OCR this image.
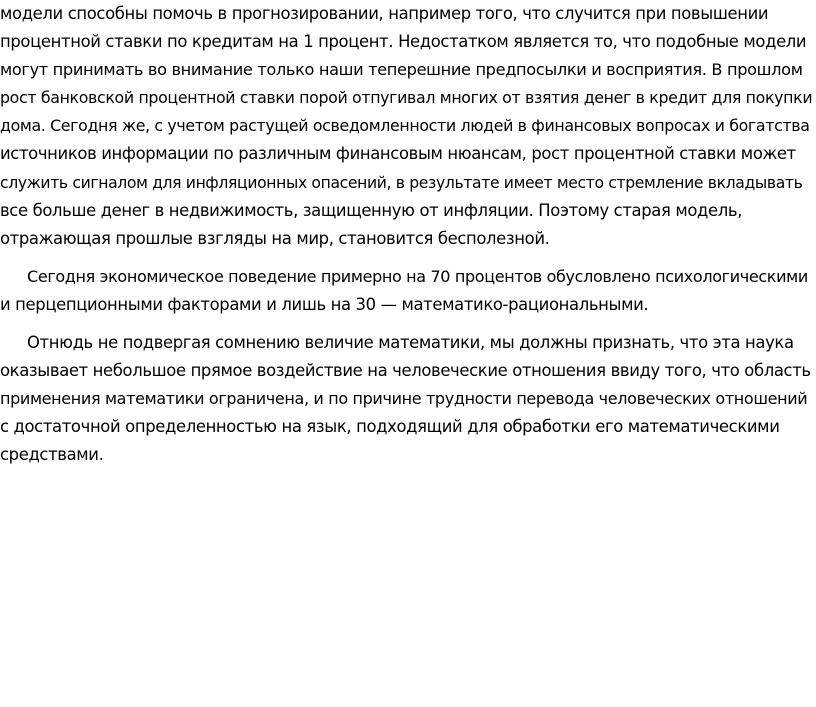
модели способны помочь в прогнозировании, например того, что случится при повышении
процентной ставки по кредитам на 1 процент. Недостатком является то, что подобные модели
могут принимать во внимание только наши теперешние предпосылки и восприятия. В прошлом
рост банковской процентной ставки порой отпугивал многих от взятия денег в кредит для покупки
дома. Сегодня же, с учетом растущей осведомленности людей в финансовых вопросах и богатства
источников информации по различным финансовым нюансам, рост процентной ставки может
служить сигналом для инфляционных опасений, в результате имеет место стремление вкладывать
все больше денег в недвижимость, защищенную от инфляции. Поэтому старая модель,
отражающая прошлые взгляды на мир, становится бесполезной.

Сегодня экономическое поведение примерно на 70 процентов обусловлено психологическими
и перцепционными факторами и лишь на 30 — математико-рациональными.

Отнюдь не подвергая сомнению величие математики, мы должны признать, что эта наука
оказывает небольшое прямое воздействие на человеческие отношения ввиду того, что область
применения математики ограничена, и по причине трудности перевода человеческих отношений
с достаточной определенностью на язык, подходящий для обработки его математическими
средствами.
